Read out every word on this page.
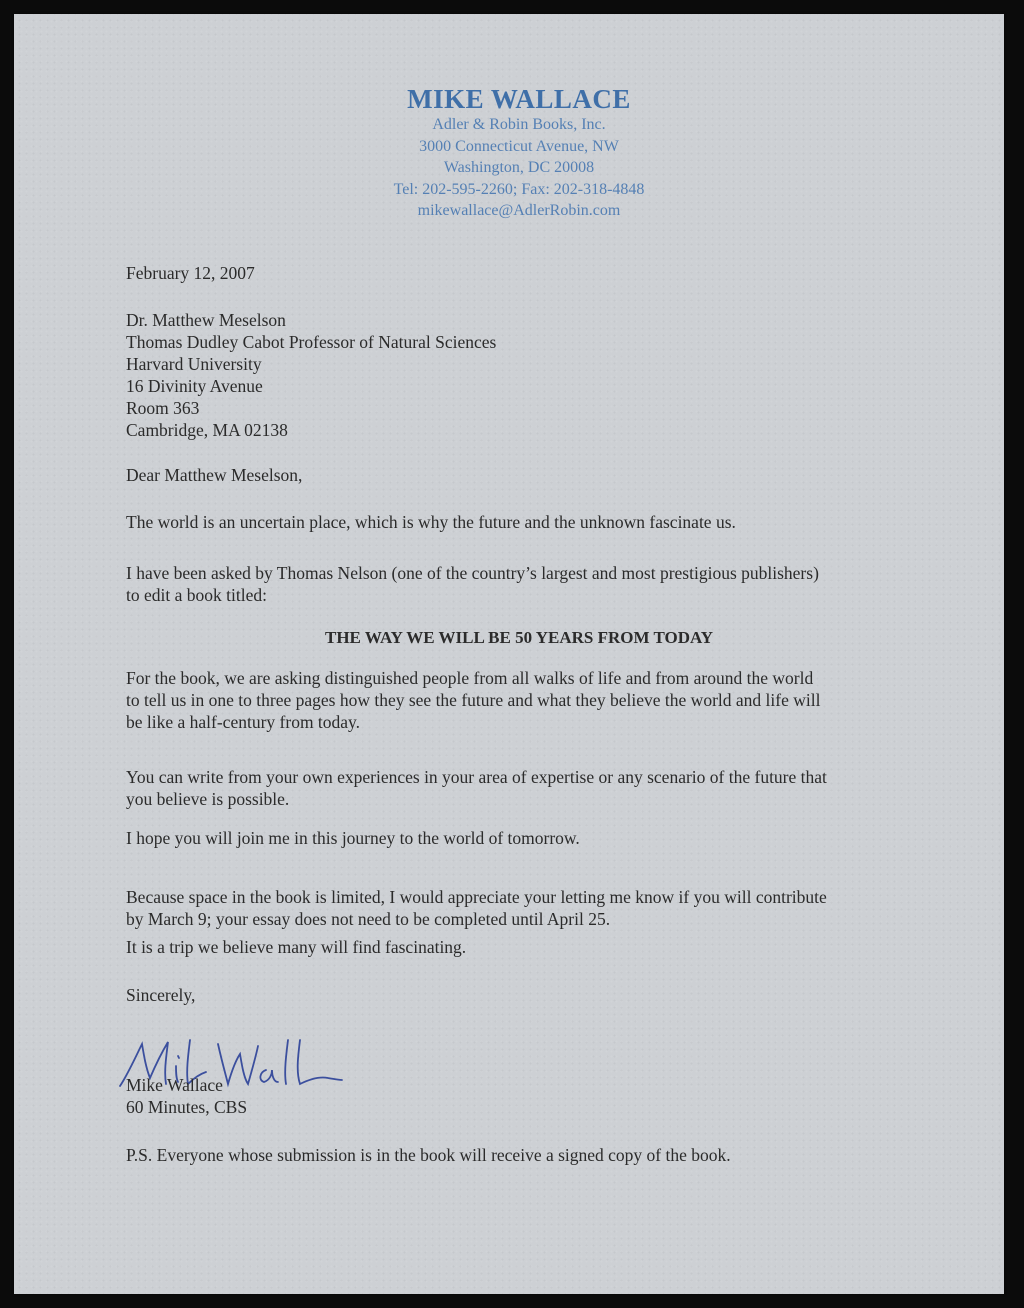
MIKE WALLACE
Adler & Robin Books, Inc.
3000 Connecticut Avenue, NW
Washington, DC 20008
Tel: 202-595-2260; Fax: 202-318-4848
mikewallace@AdlerRobin.com
February 12, 2007
Dr. Matthew Meselson
Thomas Dudley Cabot Professor of Natural Sciences
Harvard University
16 Divinity Avenue
Room 363
Cambridge, MA 02138
Dear Matthew Meselson,
The world is an uncertain place, which is why the future and the unknown fascinate us.
I have been asked by Thomas Nelson (one of the country’s largest and most prestigious publishers)
to edit a book titled:
THE WAY WE WILL BE 50 YEARS FROM TODAY
For the book, we are asking distinguished people from all walks of life and from around the world
to tell us in one to three pages how they see the future and what they believe the world and life will
be like a half-century from today.
You can write from your own experiences in your area of expertise or any scenario of the future that
you believe is possible.
I hope you will join me in this journey to the world of tomorrow.
Because space in the book is limited, I would appreciate your letting me know if you will contribute
by March 9; your essay does not need to be completed until April 25.
It is a trip we believe many will find fascinating.
Sincerely,
Mike Wallace
60 Minutes, CBS
P.S. Everyone whose submission is in the book will receive a signed copy of the book.
